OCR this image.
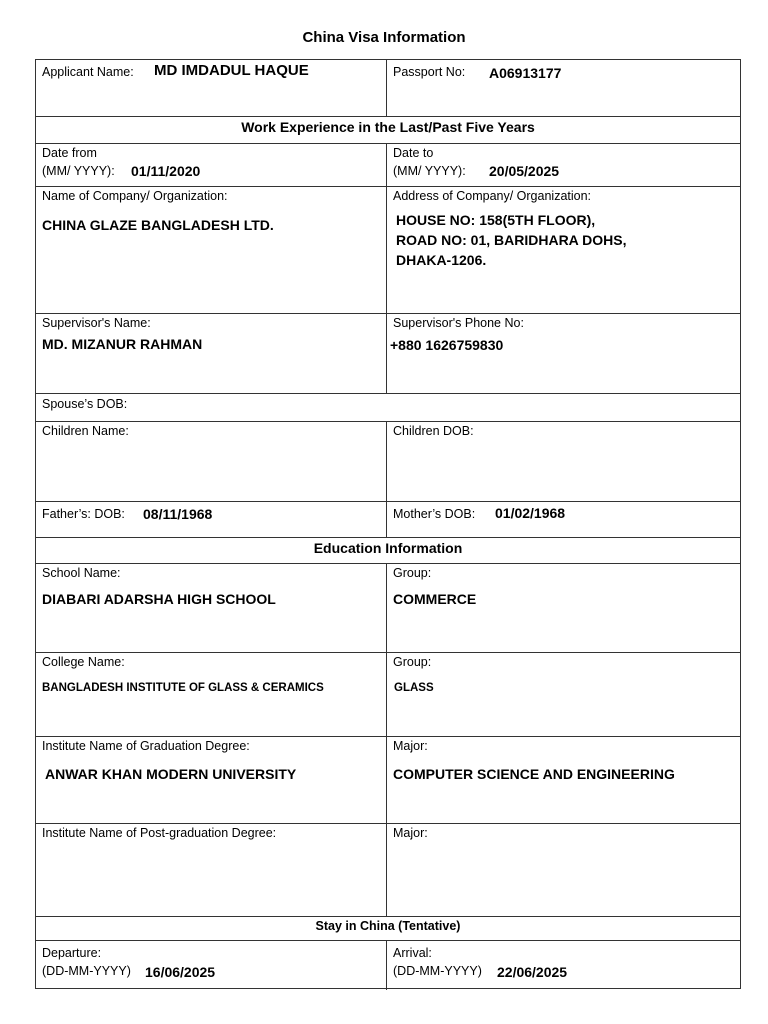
China Visa Information
Applicant Name: MD IMDADUL HAQUE	Passport No: A06913177
Work Experience in the Last/Past Five Years
Date from
(MM/ YYYY): 01/11/2020
Date to
(MM/ YYYY): 20/05/2025
Name of Company/ Organization:
CHINA GLAZE BANGLADESH LTD.
Address of Company/ Organization:
HOUSE NO: 158(5TH FLOOR),
ROAD NO: 01, BARIDHARA DOHS,
DHAKA-1206.
Supervisor's Name:
MD. MIZANUR RAHMAN
Supervisor's Phone No:
+880 1626759830
Spouse’s DOB:
Children Name:	Children DOB:
Father’s: DOB: 08/11/1968	Mother’s DOB: 01/02/1968
Education Information
School Name:
DIABARI ADARSHA HIGH SCHOOL
Group:
COMMERCE
College Name:
BANGLADESH INSTITUTE OF GLASS & CERAMICS
Group:
GLASS
Institute Name of Graduation Degree:
ANWAR KHAN MODERN UNIVERSITY
Major:
COMPUTER SCIENCE AND ENGINEERING
Institute Name of Post-graduation Degree:	Major:
Stay in China (Tentative)
Departure:
(DD-MM-YYYY) 16/06/2025
Arrival:
(DD-MM-YYYY) 22/06/2025
